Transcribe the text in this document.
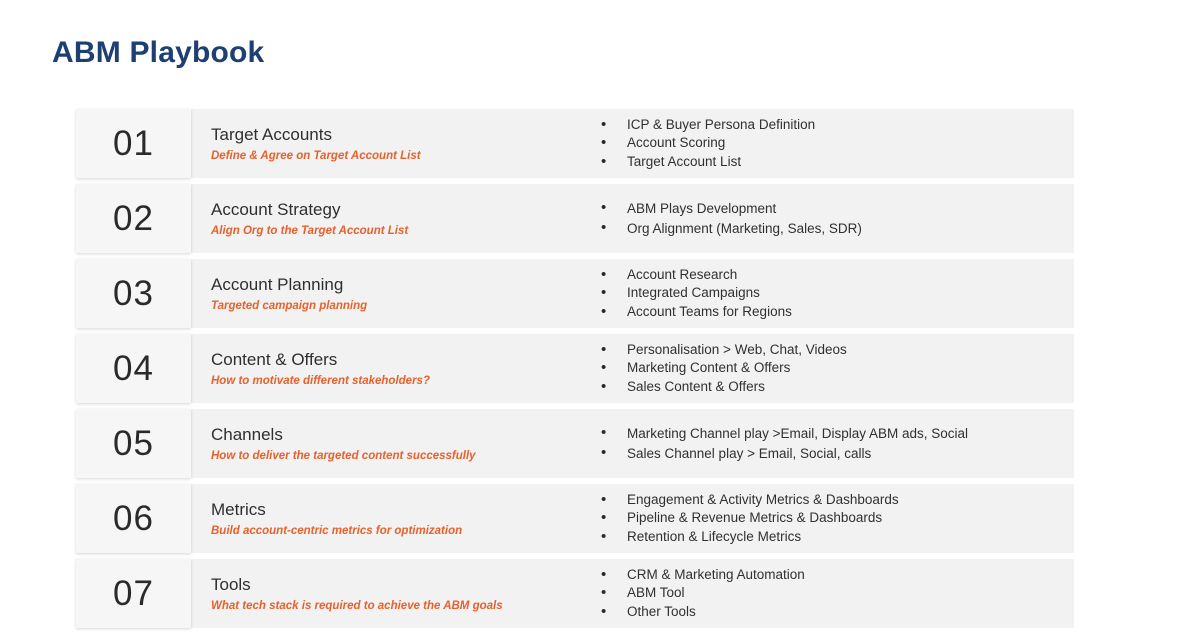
ABM Playbook
01	Target Accounts
Define & Agree on Target Account List
•	ICP & Buyer Persona Definition
•	Account Scoring
•	Target Account List
02	Account Strategy
Align Org to the Target Account List
•	ABM Plays Development
•	Org Alignment (Marketing, Sales, SDR)
03	Account Planning
Targeted campaign planning
•	Account Research
•	Integrated Campaigns
•	Account Teams for Regions
04	Content & Offers
How to motivate different stakeholders?
•	Personalisation > Web, Chat, Videos
•	Marketing Content & Offers
•	Sales Content & Offers
05	Channels
How to deliver the targeted content successfully
•	Marketing Channel play >Email, Display ABM ads, Social
•	Sales Channel play > Email, Social, calls
06	Metrics
Build account-centric metrics for optimization
•	Engagement & Activity Metrics & Dashboards
•	Pipeline & Revenue Metrics & Dashboards
•	Retention & Lifecycle Metrics
07	Tools
What tech stack is required to achieve the ABM goals
•	CRM & Marketing Automation
•	ABM Tool
•	Other Tools
